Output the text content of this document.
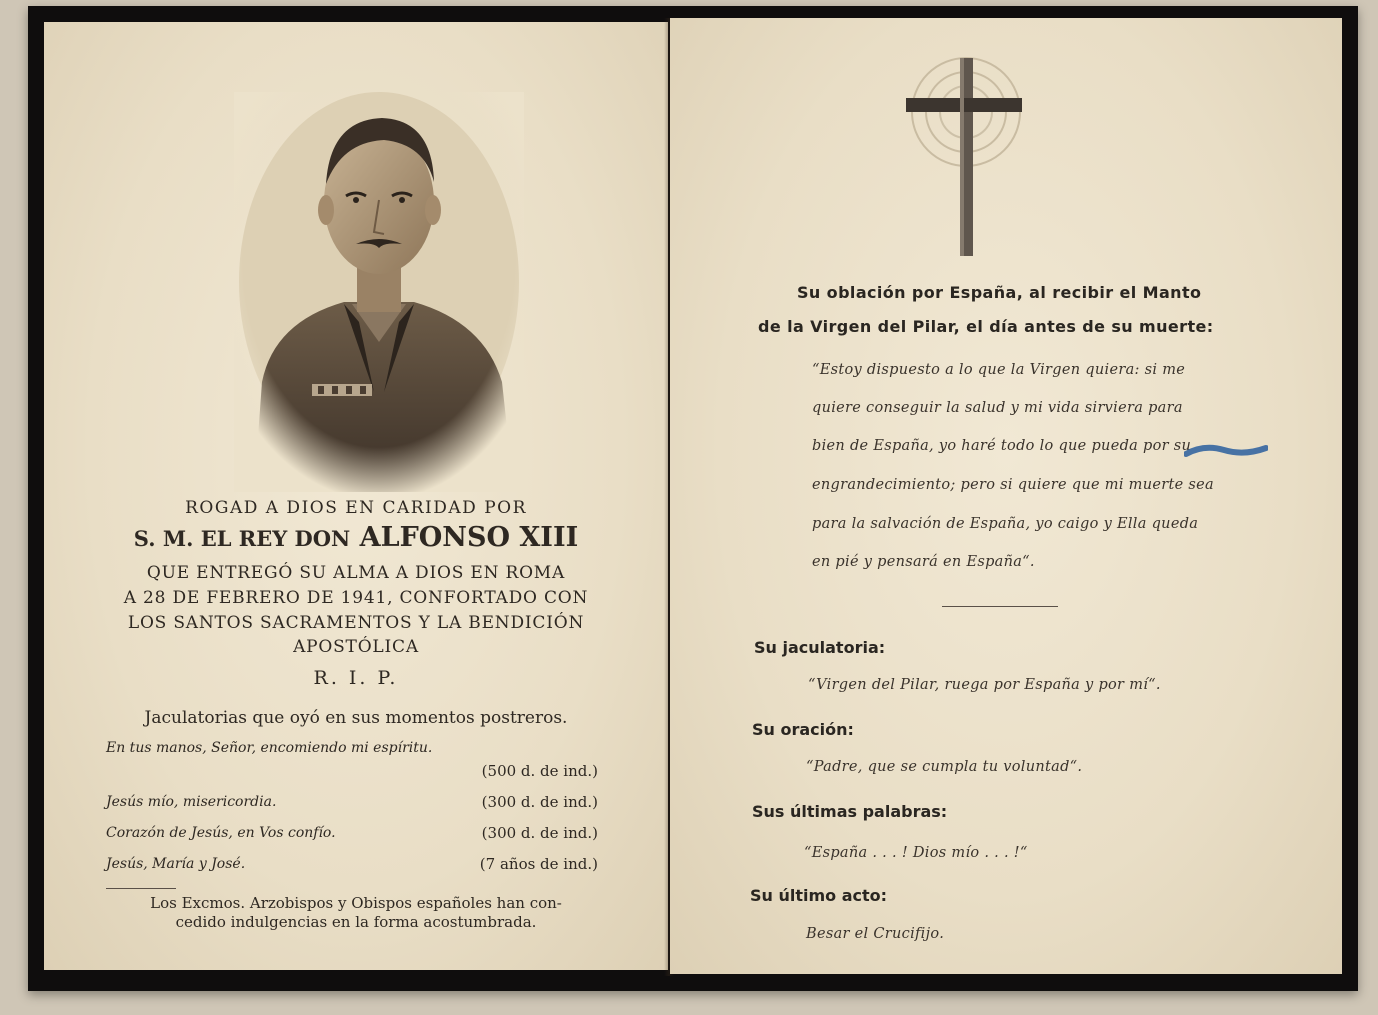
ROGAD A DIOS EN CARIDAD POR
S. M. EL REY DON ALFONSO XIII
QUE ENTREGÓ SU ALMA A DIOS EN ROMA
A 28 DE FEBRERO DE 1941, CONFORTADO CON
LOS SANTOS SACRAMENTOS Y LA BENDICIÓN
APOSTÓLICA
R. I. P.
Jaculatorias que oyó en sus momentos postreros.
En tus manos, Señor, encomiendo mi espíritu.
(500 d. de ind.)
Jesús mío, misericordia.	(300 d. de ind.)
Corazón de Jesús, en Vos confío.	(300 d. de ind.)
Jesús, María y José.	(7 años de ind.)
Los Excmos. Arzobispos y Obispos españoles han con-
cedido indulgencias en la forma acostumbrada.
Su oblación por España, al recibir el Manto
de la Virgen del Pilar, el día antes de su muerte:
“Estoy dispuesto a lo que la Virgen quiera: si me
quiere conseguir la salud y mi vida sirviera para
bien de España, yo haré todo lo que pueda por su
engrandecimiento; pero si quiere que mi muerte sea
para la salvación de España, yo caigo y Ella queda
en pié y pensará en España“.
Su jaculatoria:
“Virgen del Pilar, ruega por España y por mí“.
Su oración:
“Padre, que se cumpla tu voluntad“.
Sus últimas palabras:
“España . . . ! Dios mío . . . !“
Su último acto:
Besar el Crucifijo.
